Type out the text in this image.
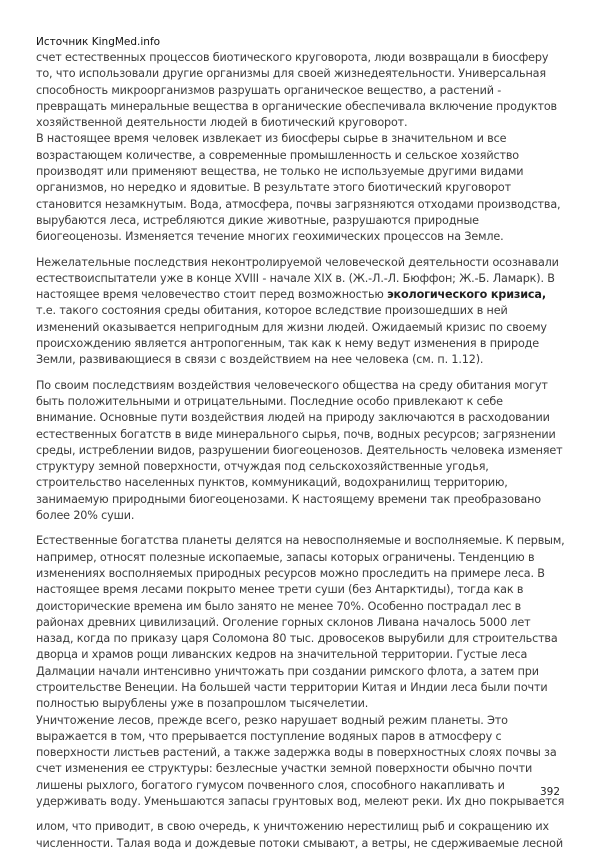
Источник KingMed.info

счет естественных процессов биотического круговорота, люди возвращали в биосферу то, что использовали другие организмы для своей жизнедеятельности. Универсальная способность микроорганизмов разрушать органическое вещество, а растений - превращать минеральные вещества в органические обеспечивала включение продуктов хозяйственной деятельности людей в биотический круговорот.

В настоящее время человек извлекает из биосферы сырье в значительном и все возрастающем количестве, а современные промышленность и сельское хозяйство производят или применяют вещества, не только не используемые другими видами организмов, но нередко и ядовитые. В результате этого биотический круговорот становится незамкнутым. Вода, атмосфера, почвы загрязняются отходами производства, вырубаются леса, истребляются дикие животные, разрушаются природные биогеоценозы. Изменяется течение многих геохимических процессов на Земле.

Нежелательные последствия неконтролируемой человеческой деятельности осознавали естествоиспытатели уже в конце XVIII - начале XIX в. (Ж.-Л.-Л. Бюффон; Ж.-Б. Ламарк). В настоящее время человечество стоит перед возможностью экологического кризиса, т.е. такого состояния среды обитания, которое вследствие произошедших в ней изменений оказывается непригодным для жизни людей. Ожидаемый кризис по своему происхождению является антропогенным, так как к нему ведут изменения в природе Земли, развивающиеся в связи с воздействием на нее человека (см. п. 1.12).

По своим последствиям воздействия человеческого общества на среду обитания могут быть положительными и отрицательными. Последние особо привлекают к себе внимание. Основные пути воздействия людей на природу заключаются в расходовании естественных богатств в виде минерального сырья, почв, водных ресурсов; загрязнении среды, истреблении видов, разрушении биогеоценозов. Деятельность человека изменяет структуру земной поверхности, отчуждая под сельскохозяйственные угодья, строительство населенных пунктов, коммуникаций, водохранилищ территорию, занимаемую природными биогеоценозами. К настоящему времени так преобразовано более 20% суши.

Естественные богатства планеты делятся на невосполняемые и восполняемые. К первым, например, относят полезные ископаемые, запасы которых ограничены. Тенденцию в изменениях восполняемых природных ресурсов можно проследить на примере леса. В настоящее время лесами покрыто менее трети суши (без Антарктиды), тогда как в доисторические времена им было занято не менее 70%. Особенно пострадал лес в районах древних цивилизаций. Оголение горных склонов Ливана началось 5000 лет назад, когда по приказу царя Соломона 80 тыс. дровосеков вырубили для строительства дворца и храмов рощи ливанских кедров на значительной территории. Густые леса Далмации начали интенсивно уничтожать при создании римского флота, а затем при строительстве Венеции. На большей части территории Китая и Индии леса были почти полностью вырублены уже в позапрошлом тысячелетии.

Уничтожение лесов, прежде всего, резко нарушает водный режим планеты. Это выражается в том, что прерывается поступление водяных паров в атмосферу с поверхности листьев растений, а также задержка воды в поверхностных слоях почвы за счет изменения ее структуры: безлесные участки земной поверхности обычно почти лишены рыхлого, богатого гумусом почвенного слоя, способного накапливать и удерживать воду. Уменьшаются запасы грунтовых вод, мелеют реки. Их дно покрывается

илом, что приводит, в свою очередь, к уничтожению нерестилищ рыб и сокращению их численности. Талая вода и дождевые потоки смывают, а ветры, не сдерживаемые лесной

392
